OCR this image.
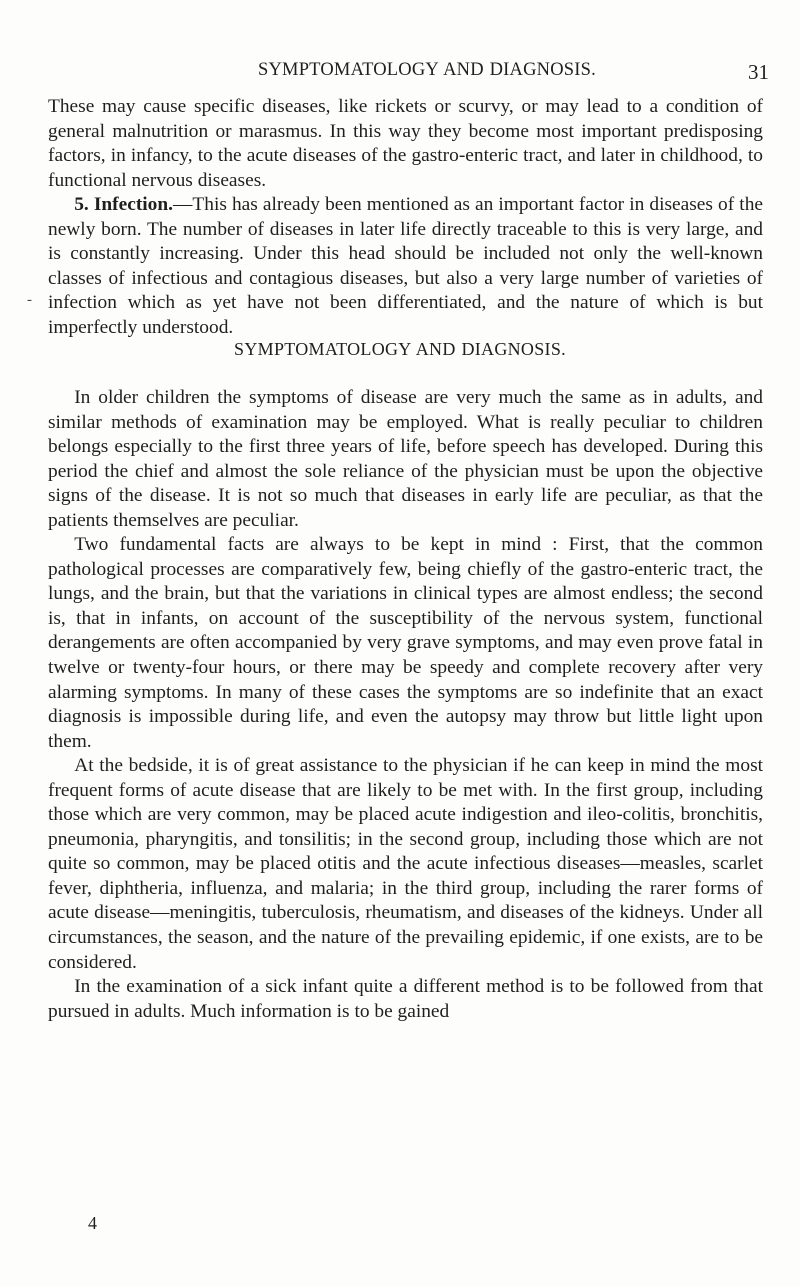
SYMPTOMATOLOGY AND DIAGNOSIS.	31

These may cause specific diseases, like rickets or scurvy, or may lead to a condition of general malnutrition or marasmus. In this way they become most important predisposing factors, in infancy, to the acute diseases of the gastro-enteric tract, and later in childhood, to functional nervous diseases.

5. Infection.—This has already been mentioned as an important factor in diseases of the newly born. The number of diseases in later life directly traceable to this is very large, and is constantly increasing. Under this head should be included not only the well-known classes of infectious and contagious diseases, but also a very large number of varieties of infection which as yet have not been differentiated, and the nature of which is but imperfectly understood.

-
SYMPTOMATOLOGY AND DIAGNOSIS.

In older children the symptoms of disease are very much the same as in adults, and similar methods of examination may be employed. What is really peculiar to children belongs especially to the first three years of life, before speech has developed. During this period the chief and almost the sole reliance of the physician must be upon the objective signs of the disease. It is not so much that diseases in early life are peculiar, as that the patients themselves are peculiar.

Two fundamental facts are always to be kept in mind : First, that the common pathological processes are comparatively few, being chiefly of the gastro-enteric tract, the lungs, and the brain, but that the variations in clinical types are almost endless; the second is, that in infants, on account of the susceptibility of the nervous system, functional derangements are often accompanied by very grave symptoms, and may even prove fatal in twelve or twenty-four hours, or there may be speedy and complete recovery after very alarming symptoms. In many of these cases the symptoms are so indefinite that an exact diagnosis is impossible during life, and even the autopsy may throw but little light upon them.

At the bedside, it is of great assistance to the physician if he can keep in mind the most frequent forms of acute disease that are likely to be met with. In the first group, including those which are very common, may be placed acute indigestion and ileo-colitis, bronchitis, pneumonia, pharyngitis, and tonsilitis; in the second group, including those which are not quite so common, may be placed otitis and the acute infectious diseases—measles, scarlet fever, diphtheria, influenza, and malaria; in the third group, including the rarer forms of acute disease—meningitis, tuberculosis, rheumatism, and diseases of the kidneys. Under all circumstances, the season, and the nature of the prevailing epidemic, if one exists, are to be considered.

In the examination of a sick infant quite a different method is to be followed from that pursued in adults. Much information is to be gained

4
